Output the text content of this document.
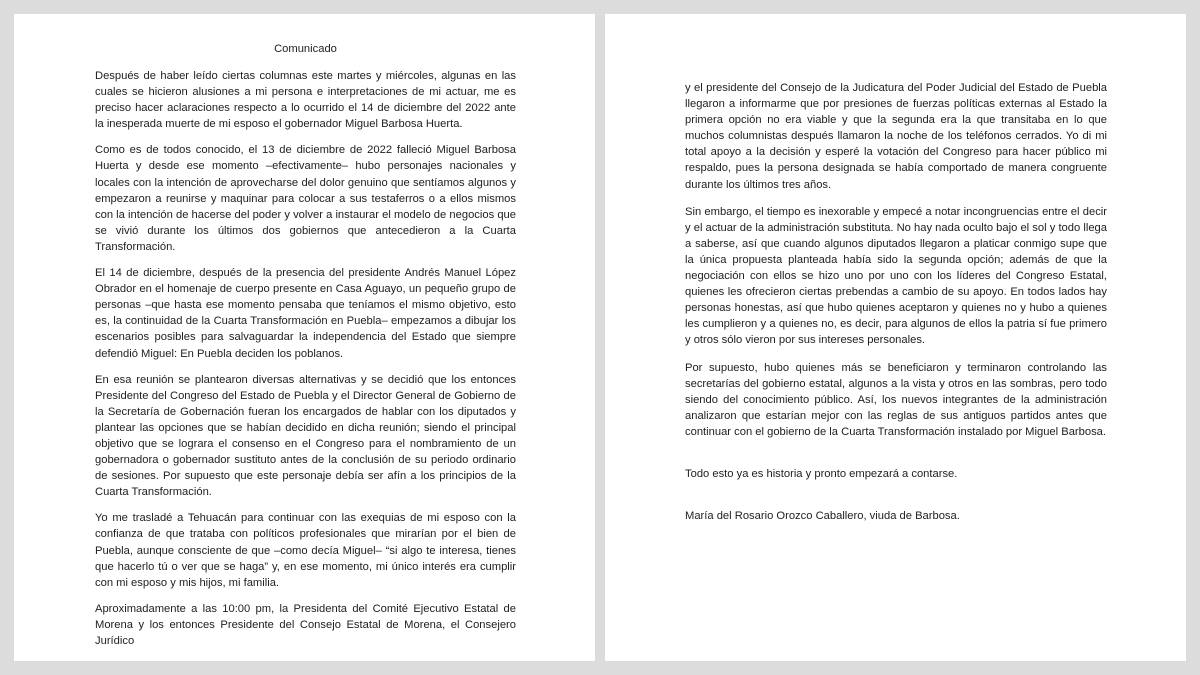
Comunicado

Después de haber leído ciertas columnas este martes y miércoles, algunas en las cuales se hicieron alusiones a mi persona e interpretaciones de mi actuar, me es preciso hacer aclaraciones respecto a lo ocurrido el 14 de diciembre del 2022 ante la inesperada muerte de mi esposo el gobernador Miguel Barbosa Huerta.

Como es de todos conocido, el 13 de diciembre de 2022 falleció Miguel Barbosa Huerta y desde ese momento –efectivamente– hubo personajes nacionales y locales con la intención de aprovecharse del dolor genuino que sentíamos algunos y empezaron a reunirse y maquinar para colocar a sus testaferros o a ellos mismos con la intención de hacerse del poder y volver a instaurar el modelo de negocios que se vivió durante los últimos dos gobiernos que antecedieron a la Cuarta Transformación.

El 14 de diciembre, después de la presencia del presidente Andrés Manuel López Obrador en el homenaje de cuerpo presente en Casa Aguayo, un pequeño grupo de personas –que hasta ese momento pensaba que teníamos el mismo objetivo, esto es, la continuidad de la Cuarta Transformación en Puebla– empezamos a dibujar los escenarios posibles para salvaguardar la independencia del Estado que siempre defendió Miguel: En Puebla deciden los poblanos.

En esa reunión se plantearon diversas alternativas y se decidió que los entonces Presidente del Congreso del Estado de Puebla y el Director General de Gobierno de la Secretaría de Gobernación fueran los encargados de hablar con los diputados y plantear las opciones que se habían decidido en dicha reunión; siendo el principal objetivo que se lograra el consenso en el Congreso para el nombramiento de un gobernadora o gobernador sustituto antes de la conclusión de su periodo ordinario de sesiones. Por supuesto que este personaje debía ser afín a los principios de la Cuarta Transformación.

Yo me trasladé a Tehuacán para continuar con las exequias de mi esposo con la confianza de que trataba con políticos profesionales que mirarían por el bien de Puebla, aunque consciente de que –como decía Miguel– “si algo te interesa, tienes que hacerlo tú o ver que se haga” y, en ese momento, mi único interés era cumplir con mi esposo y mis hijos, mi familia.

Aproximadamente a las 10:00 pm, la Presidenta del Comité Ejecutivo Estatal de Morena y los entonces Presidente del Consejo Estatal de Morena, el Consejero Jurídico

y el presidente del Consejo de la Judicatura del Poder Judicial del Estado de Puebla llegaron a informarme que por presiones de fuerzas políticas externas al Estado la primera opción no era viable y que la segunda era la que transitaba en lo que muchos columnistas después llamaron la noche de los teléfonos cerrados. Yo di mi total apoyo a la decisión y esperé la votación del Congreso para hacer público mi respaldo, pues la persona designada se había comportado de manera congruente durante los últimos tres años.

Sin embargo, el tiempo es inexorable y empecé a notar incongruencias entre el decir y el actuar de la administración substituta. No hay nada oculto bajo el sol y todo llega a saberse, así que cuando algunos diputados llegaron a platicar conmigo supe que la única propuesta planteada había sido la segunda opción; además de que la negociación con ellos se hizo uno por uno con los líderes del Congreso Estatal, quienes les ofrecieron ciertas prebendas a cambio de su apoyo. En todos lados hay personas honestas, así que hubo quienes aceptaron y quienes no y hubo a quienes les cumplieron y a quienes no, es decir, para algunos de ellos la patria sí fue primero y otros sólo vieron por sus intereses personales.

Por supuesto, hubo quienes más se beneficiaron y terminaron controlando las secretarías del gobierno estatal, algunos a la vista y otros en las sombras, pero todo siendo del conocimiento público. Así, los nuevos integrantes de la administración analizaron que estarían mejor con las reglas de sus antiguos partidos antes que continuar con el gobierno de la Cuarta Transformación instalado por Miguel Barbosa.

Todo esto ya es historia y pronto empezará a contarse.

María del Rosario Orozco Caballero, viuda de Barbosa.
